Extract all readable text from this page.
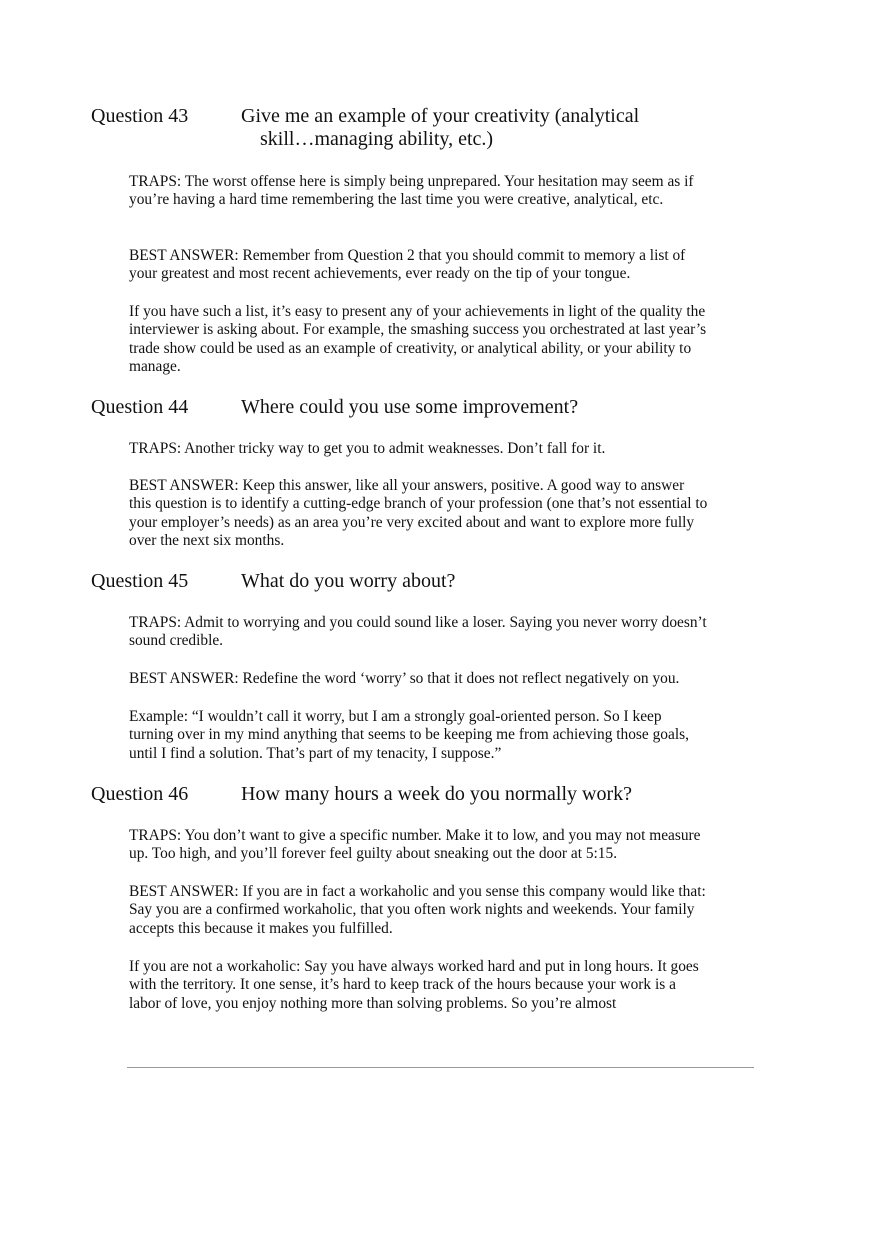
Question 43	Give me an example of your creativity (analytical
skill…managing ability, etc.)

TRAPS: The worst offense here is simply being unprepared. Your hesitation may seem as if you’re having a hard time remembering the last time you were creative, analytical, etc.

BEST ANSWER: Remember from Question 2 that you should commit to memory a list of your greatest and most recent achievements, ever ready on the tip of your tongue.

If you have such a list, it’s easy to present any of your achievements in light of the quality the interviewer is asking about. For example, the smashing success you orchestrated at last year’s trade show could be used as an example of creativity, or analytical ability, or your ability to manage.

Question 44	Where could you use some improvement?

TRAPS: Another tricky way to get you to admit weaknesses. Don’t fall for it.

BEST ANSWER: Keep this answer, like all your answers, positive. A good way to answer this question is to identify a cutting-edge branch of your profession (one that’s not essential to your employer’s needs) as an area you’re very excited about and want to explore more fully over the next six months.

Question 45	What do you worry about?

TRAPS: Admit to worrying and you could sound like a loser. Saying you never worry doesn’t sound credible.

BEST ANSWER: Redefine the word ‘worry’ so that it does not reflect negatively on you.

Example: “I wouldn’t call it worry, but I am a strongly goal-oriented person. So I keep turning over in my mind anything that seems to be keeping me from achieving those goals, until I find a solution. That’s part of my tenacity, I suppose.”

Question 46	How many hours a week do you normally work?

TRAPS: You don’t want to give a specific number. Make it to low, and you may not measure up. Too high, and you’ll forever feel guilty about sneaking out the door at 5:15.

BEST ANSWER: If you are in fact a workaholic and you sense this company would like that: Say you are a confirmed workaholic, that you often work nights and weekends. Your family accepts this because it makes you fulfilled.

If you are not a workaholic: Say you have always worked hard and put in long hours. It goes with the territory. It one sense, it’s hard to keep track of the hours because your work is a labor of love, you enjoy nothing more than solving problems. So you’re almost
